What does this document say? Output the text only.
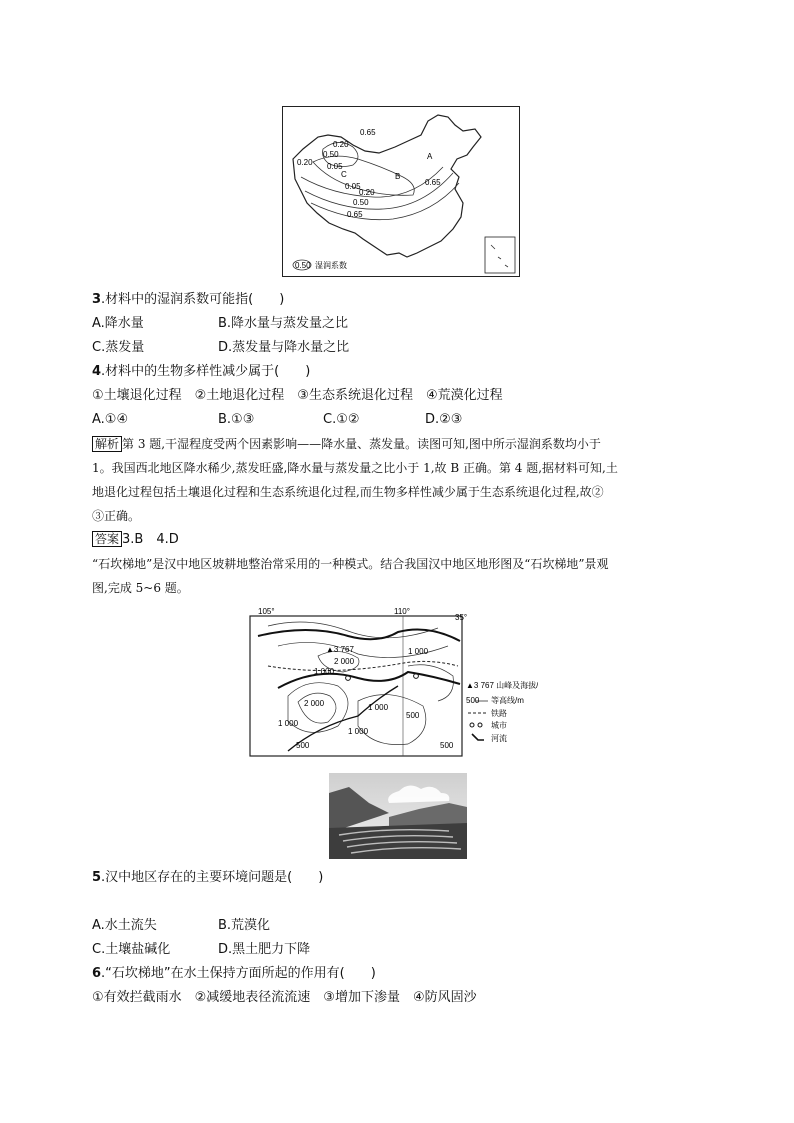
0.65
0.20
0.50
0.20 0.05
C
0.05
B
A
0.20
0.50
0.65
0.65
0.50 湿润系数
3.材料中的湿润系数可能指(　　)
A.降水量	B.降水量与蒸发量之比
C.蒸发量	D.蒸发量与降水量之比
4.材料中的生物多样性减少属于(　　)
①土壤退化过程　②土地退化过程　③生态系统退化过程　④荒漠化过程
A.①④	B.①③	C.①②	D.②③
解析 第 3 题,干湿程度受两个因素影响——降水量、蒸发量。读图可知,图中所示湿润系数均小于
1。我国西北地区降水稀少,蒸发旺盛,降水量与蒸发量之比小于 1,故 B 正确。第 4 题,据材料可知,土
地退化过程包括土壤退化过程和生态系统退化过程,而生物多样性减少属于生态系统退化过程,故②
③正确。
答案 3.B　4.D
“石坎梯地”是汉中地区坡耕地整治常采用的一种模式。结合我国汉中地区地形图及“石坎梯地”景观
图,完成 5~6 题。
105°	110°
35°
▲3 767
2 000
1 000
2 000	1 000
1 000
500
1 000
500	500
1 000
▲3 767 山峰及海拔/m
500 等高线/m
铁路
城市
河流
5.汉中地区存在的主要环境问题是(　　)
A.水土流失	B.荒漠化
C.土壤盐碱化	D.黑土肥力下降
6.“石坎梯地”在水土保持方面所起的作用有(　　)
①有效拦截雨水　②减缓地表径流流速　③增加下渗量　④防风固沙
